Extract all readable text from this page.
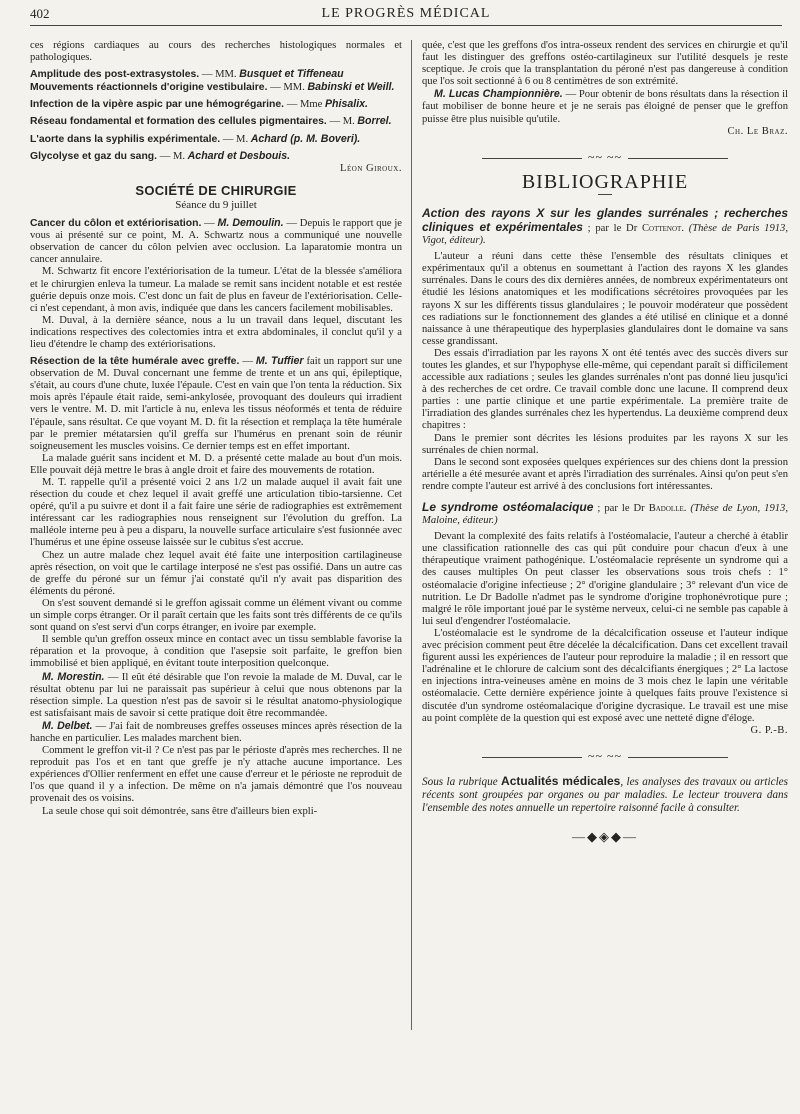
402	LE PROGRÈS MÉDICAL

ces régions cardiaques au cours des recherches histologiques normales et pathologiques.

Amplitude des post-extrasystoles. — MM. Busquet et Tiffeneau

Mouvements réactionnels d'origine vestibulaire. — MM. Babinski et Weill.

Infection de la vipère aspic par une hémogrégarine. — Mme Phisalix.

Réseau fondamental et formation des cellules pigmentaires. — M. Borrel.

L'aorte dans la syphilis expérimentale. — M. Achard (p. M. Boveri).

Glycolyse et gaz du sang. — M. Achard et Desbouis.

Léon Giroux.

SOCIÉTÉ DE CHIRURGIE
Séance du 9 juillet

Cancer du côlon et extériorisation. — M. Demoulin. — Depuis le rapport que je vous ai présenté sur ce point, M. A. Schwartz nous a communiqué une nouvelle observation de cancer du côlon pelvien avec occlusion. La laparatomie montra un cancer annulaire.

M. Schwartz fit encore l'extériorisation de la tumeur. L'état de la blessée s'améliora et le chirurgien enleva la tumeur. La malade se remit sans incident notable et est restée guérie depuis onze mois. C'est donc un fait de plus en faveur de l'extériorisation. Celle-ci n'est cependant, à mon avis, indiquée que dans les cancers facilement mobilisables.

M. Duval, à la dernière séance, nous a lu un travail dans lequel, discutant les indications respectives des colectomies intra et extra abdominales, il conclut qu'il y a lieu d'étendre le champ des extériorisations.

Résection de la tête humérale avec greffe. — M. Tuffier fait un rapport sur une observation de M. Duval concernant une femme de trente et un ans qui, épileptique, s'était, au cours d'une chute, luxée l'épaule. C'est en vain que l'on tenta la réduction. Six mois après l'épaule était raide, semi-ankylosée, provoquant des douleurs qui irradient vers le ventre. M. D. mit l'article à nu, enleva les tissus néoformés et tenta de réduire l'épaule, sans résultat. Ce que voyant M. D. fit la résection et remplaça la tête humérale par le premier métatarsien qu'il greffa sur l'humérus en prenant soin de réunir soigneusement les muscles voisins. Ce dernier temps est en effet important.

La malade guérit sans incident et M. D. a présenté cette malade au bout d'un mois. Elle pouvait déjà mettre le bras à angle droit et faire des mouvements de rotation.

M. T. rappelle qu'il a présenté voici 2 ans 1/2 un malade auquel il avait fait une résection du coude et chez lequel il avait greffé une articulation tibio-tarsienne. Cet opéré, qu'il a pu suivre et dont il a fait faire une série de radiographies est extrêmement intéressant car les radiographies nous renseignent sur l'évolution du greffon. La malléole interne peu à peu a disparu, la nouvelle surface articulaire s'est fusionnée avec l'humérus et une épine osseuse laissée sur le cubitus s'est accrue.

Chez un autre malade chez lequel avait été faite une interposition cartilagineuse après résection, on voit que le cartilage interposé ne s'est pas ossifié. Dans un autre cas de greffe du péroné sur un fémur j'ai constaté qu'il n'y avait pas disparition des éléments du péroné.

On s'est souvent demandé si le greffon agissait comme un élément vivant ou comme un simple corps étranger. Or il paraît certain que les faits sont très différents de ce qu'ils sont quand on s'est servi d'un corps étranger, en ivoire par exemple.

Il semble qu'un greffon osseux mince en contact avec un tissu semblable favorise la réparation et la provoque, à condition que l'asepsie soit parfaite, le greffon bien immobilisé et bien appliqué, en évitant toute interposition quelconque.

M. Morestin. — Il eût été désirable que l'on revoie la malade de M. Duval, car le résultat obtenu par lui ne paraissait pas supérieur à celui que nous obtenons par la résection simple. La question n'est pas de savoir si le résultat anatomo-physiologique est satisfaisant mais de savoir si cette pratique doit être recommandée.

M. Delbet. — J'ai fait de nombreuses greffes osseuses minces après résection de la hanche en particulier. Les malades marchent bien.

Comment le greffon vit-il ? Ce n'est pas par le périoste d'après mes recherches. Il ne reproduit pas l'os et en tant que greffe je n'y attache aucune importance. Les expériences d'Ollier renferment en effet une cause d'erreur et le périoste ne reproduit de l'os que quand il y a infection. De même on n'a jamais démontré que l'os nouveau provenait des os voisins.

La seule chose qui soit démontrée, sans être d'ailleurs bien expli-

quée, c'est que les greffons d'os intra-osseux rendent des services en chirurgie et qu'il faut les distinguer des greffons ostéo-cartilagineux sur l'utilité desquels je reste sceptique. Je crois que la transplantation du péroné n'est pas dangereuse à condition que l'os soit sectionné à 6 ou 8 centimètres de son extrémité.

M. Lucas Championnière. — Pour obtenir de bons résultats dans la résection il faut mobiliser de bonne heure et je ne serais pas éloigné de penser que le greffon puisse être plus nuisible qu'utile.

Ch. Le Braz.

~~ ~~
BIBLIOGRAPHIE

Action des rayons X sur les glandes surrénales ; recherches cliniques et expérimentales ; par le Dr Cottenot. (Thèse de Paris 1913, Vigot, éditeur).

L'auteur a réuni dans cette thèse l'ensemble des résultats cliniques et expérimentaux qu'il a obtenus en soumettant à l'action des rayons X les glandes surrénales. Dans le cours des dix dernières années, de nombreux expérimentateurs ont étudié les lésions anatomiques et les modifications sécrétoires provoquées par les rayons X sur les différents tissus glandulaires ; le pouvoir modérateur que possèdent ces radiations sur le fonctionnement des glandes a été utilisé en clinique et a donné naissance à une thérapeutique des hyperplasies glandulaires dont le domaine va sans cesse grandissant.

Des essais d'irradiation par les rayons X ont été tentés avec des succès divers sur toutes les glandes, et sur l'hypophyse elle-même, qui cependant paraît si difficilement accessible aux radiations ; seules les glandes surrénales n'ont pas donné lieu jusqu'ici à des recherches de cet ordre. Ce travail comble donc une lacune. Il comprend deux parties : une partie clinique et une partie expérimentale. La première traite de l'irradiation des glandes surrénales chez les hypertendus. La deuxième comprend deux chapitres :

Dans le premier sont décrites les lésions produites par les rayons X sur les surrénales de chien normal.

Dans le second sont exposées quelques expériences sur des chiens dont la pression artérielle a été mesurée avant et après l'irradiation des surrénales. Ainsi qu'on peut s'en rendre compte l'auteur est arrivé à des conclusions fort intéressantes.

Le syndrome ostéomalacique ; par le Dr Badolle. (Thèse de Lyon, 1913, Maloine, éditeur.)

Devant la complexité des faits relatifs à l'ostéomalacie, l'auteur a cherché à établir une classification rationnelle des cas qui pût conduire pour chacun d'eux à une thérapeutique vraiment pathogénique. L'ostéomalacie représente un syndrome qui a des causes multiples On peut classer les observations sous trois chefs : 1° ostéomalacie d'origine infectieuse ; 2° d'origine glandulaire ; 3° relevant d'un vice de nutrition. Le Dr Badolle n'admet pas le syndrome d'origine trophonévrotique pure ; malgré le rôle important joué par le système nerveux, celui-ci ne semble pas capable à lui seul d'engendrer l'ostéomalacie.

L'ostéomalacie est le syndrome de la décalcification osseuse et l'auteur indique avec précision comment peut être décelée la décalcification. Dans cet excellent travail figurent aussi les expériences de l'auteur pour reproduire la maladie ; il en ressort que l'adrénaline et le chlorure de calcium sont des décalcifiants énergiques ; 2° La lactose en injections intra-veineuses amène en moins de 3 mois chez le lapin une véritable ostéomalacie. Cette dernière expérience jointe à quelques faits prouve l'existence si discutée d'un syndrome ostéomalacique d'origine dycrasique. Le travail est une mise au point complète de la question qui est exposé avec une netteté digne d'éloge.

G. P.-B.

~~ ~~

Sous la rubrique Actualités médicales, les analyses des travaux ou articles récents sont groupées par organes ou par maladies. Le lecteur trouvera dans l'ensemble des notes annuelle un repertoire raisonné facile à consulter.

—◆◈◆—
